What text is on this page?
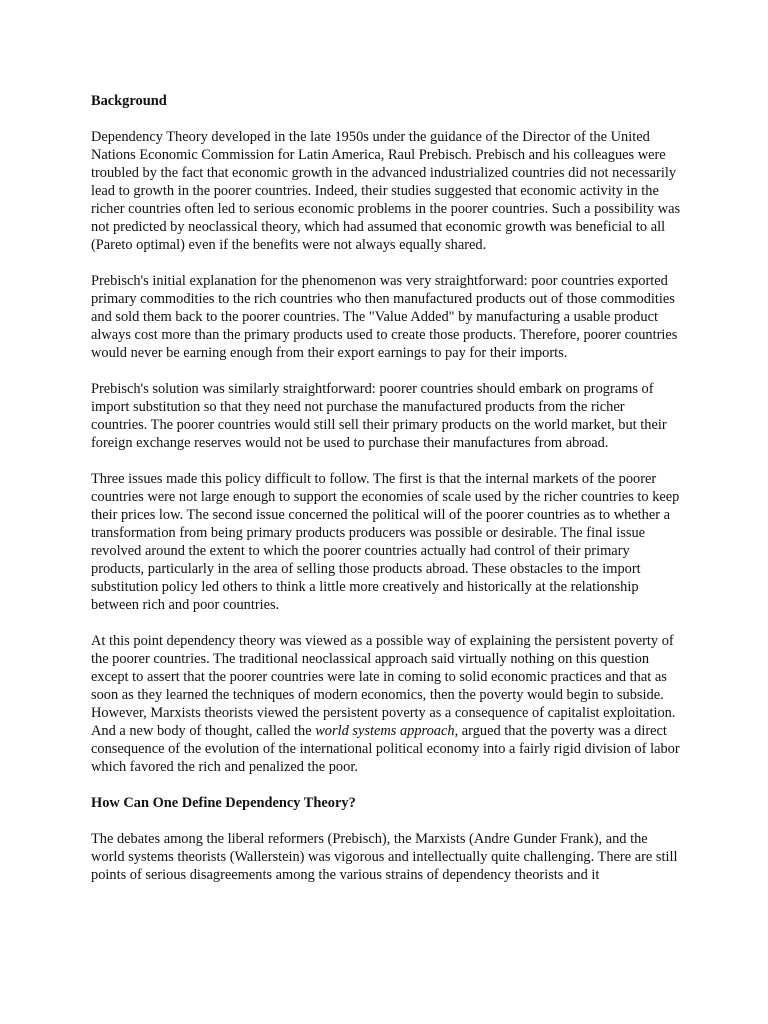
Background

Dependency Theory developed in the late 1950s under the guidance of the Director of the United Nations Economic Commission for Latin America, Raul Prebisch. Prebisch and his colleagues were troubled by the fact that economic growth in the advanced industrialized countries did not necessarily lead to growth in the poorer countries. Indeed, their studies suggested that economic activity in the richer countries often led to serious economic problems in the poorer countries. Such a possibility was not predicted by neoclassical theory, which had assumed that economic growth was beneficial to all (Pareto optimal) even if the benefits were not always equally shared.

Prebisch's initial explanation for the phenomenon was very straightforward: poor countries exported primary commodities to the rich countries who then manufactured products out of those commodities and sold them back to the poorer countries. The "Value Added" by manufacturing a usable product always cost more than the primary products used to create those products. Therefore, poorer countries would never be earning enough from their export earnings to pay for their imports.

Prebisch's solution was similarly straightforward: poorer countries should embark on programs of import substitution so that they need not purchase the manufactured products from the richer countries. The poorer countries would still sell their primary products on the world market, but their foreign exchange reserves would not be used to purchase their manufactures from abroad.

Three issues made this policy difficult to follow. The first is that the internal markets of the poorer countries were not large enough to support the economies of scale used by the richer countries to keep their prices low. The second issue concerned the political will of the poorer countries as to whether a transformation from being primary products producers was possible or desirable. The final issue revolved around the extent to which the poorer countries actually had control of their primary products, particularly in the area of selling those products abroad. These obstacles to the import substitution policy led others to think a little more creatively and historically at the relationship between rich and poor countries.

At this point dependency theory was viewed as a possible way of explaining the persistent poverty of the poorer countries. The traditional neoclassical approach said virtually nothing on this question except to assert that the poorer countries were late in coming to solid economic practices and that as soon as they learned the techniques of modern economics, then the poverty would begin to subside. However, Marxists theorists viewed the persistent poverty as a consequence of capitalist exploitation. And a new body of thought, called the world systems approach, argued that the poverty was a direct consequence of the evolution of the international political economy into a fairly rigid division of labor which favored the rich and penalized the poor.

How Can One Define Dependency Theory?

The debates among the liberal reformers (Prebisch), the Marxists (Andre Gunder Frank), and the world systems theorists (Wallerstein) was vigorous and intellectually quite challenging. There are still points of serious disagreements among the various strains of dependency theorists and it
